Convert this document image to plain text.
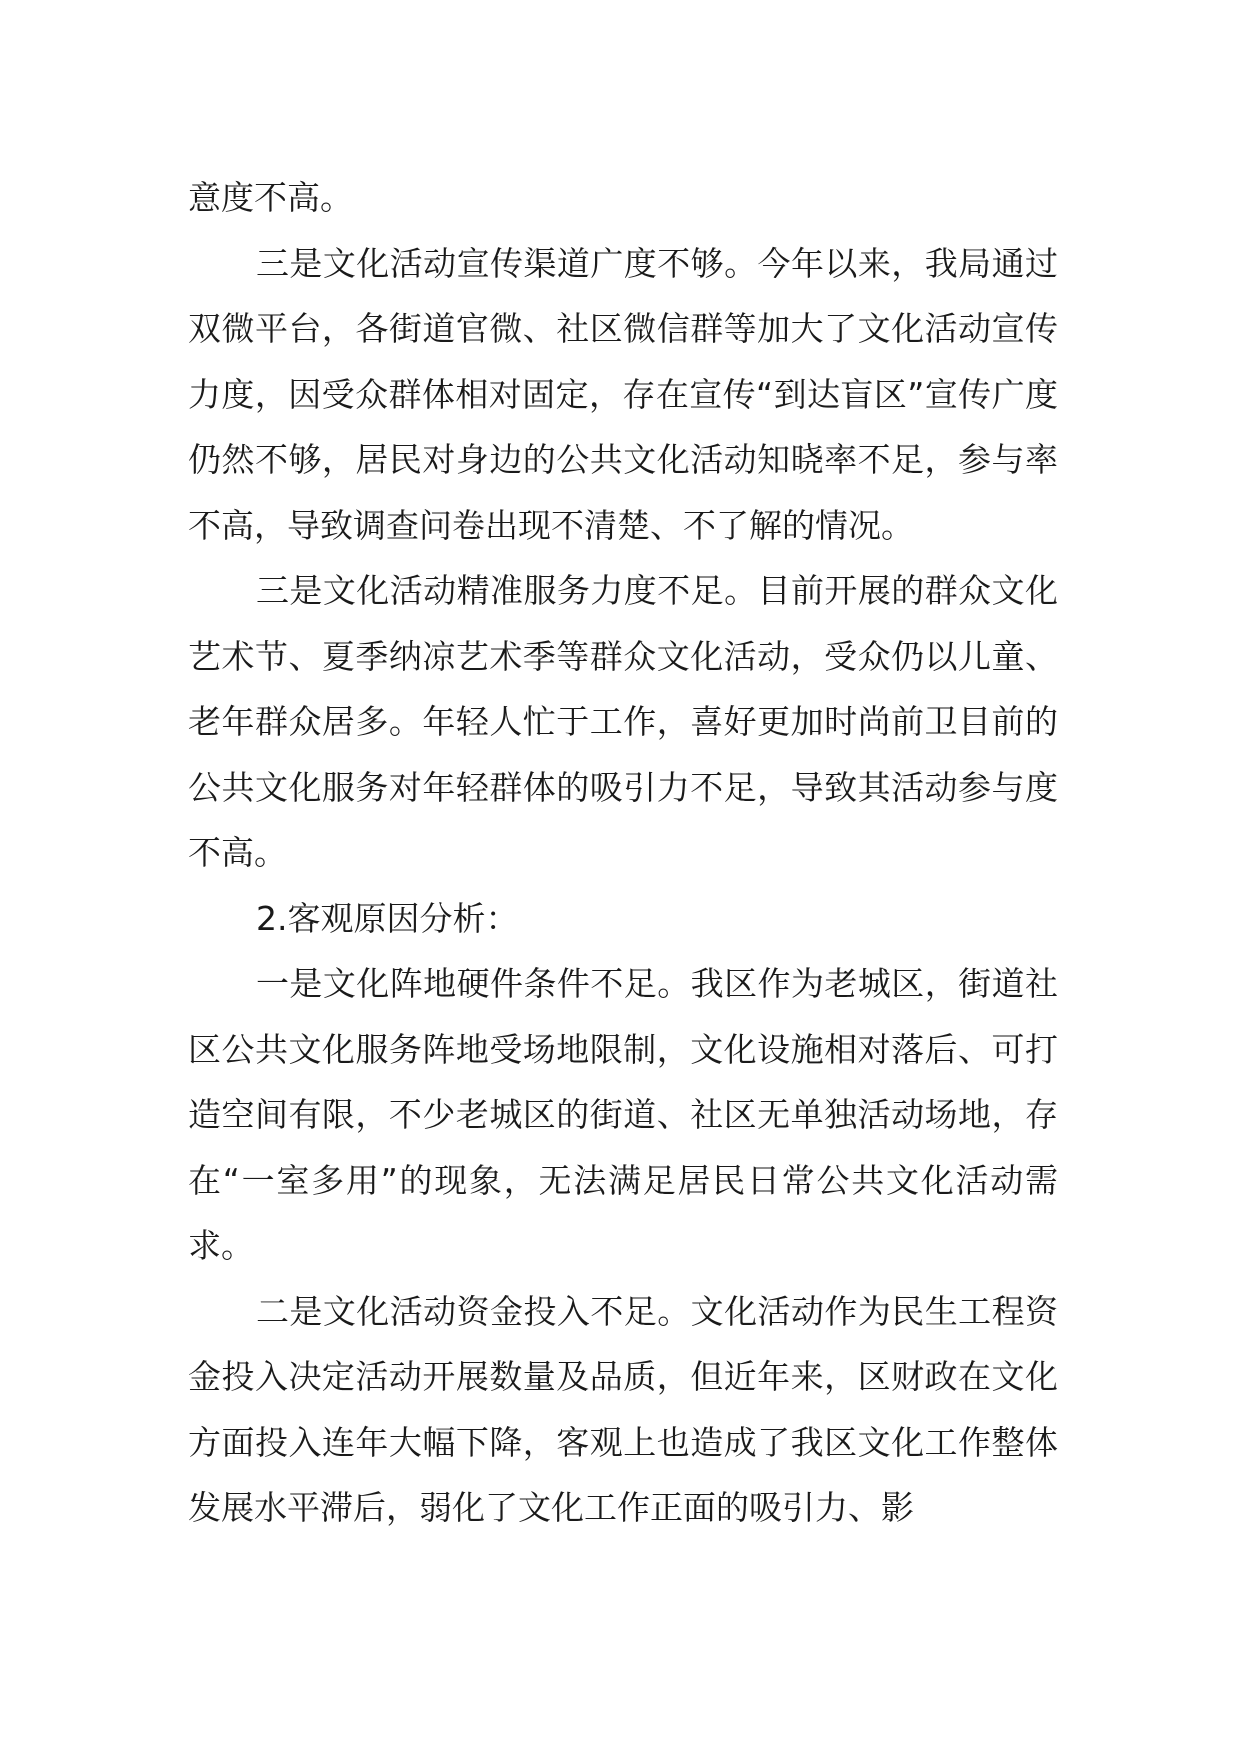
意度不高。

三是文化活动宣传渠道广度不够。今年以来，我局通过双微平台，各街道官微、社区微信群等加大了文化活动宣传力度，因受众群体相对固定，存在宣传“到达盲区”宣传广度仍然不够，居民对身边的公共文化活动知晓率不足，参与率不高，导致调查问卷出现不清楚、不了解的情况。

三是文化活动精准服务力度不足。目前开展的群众文化艺术节、夏季纳凉艺术季等群众文化活动，受众仍以儿童、老年群众居多。年轻人忙于工作，喜好更加时尚前卫目前的公共文化服务对年轻群体的吸引力不足，导致其活动参与度不高。

2.客观原因分析：

一是文化阵地硬件条件不足。我区作为老城区，街道社区公共文化服务阵地受场地限制，文化设施相对落后、可打造空间有限，不少老城区的街道、社区无单独活动场地，存在“一室多用”的现象，无法满足居民日常公共文化活动需求。

二是文化活动资金投入不足。文化活动作为民生工程资金投入决定活动开展数量及品质，但近年来，区财政在文化方面投入连年大幅下降，客观上也造成了我区文化工作整体发展水平滞后，弱化了文化工作正面的吸引力、影
